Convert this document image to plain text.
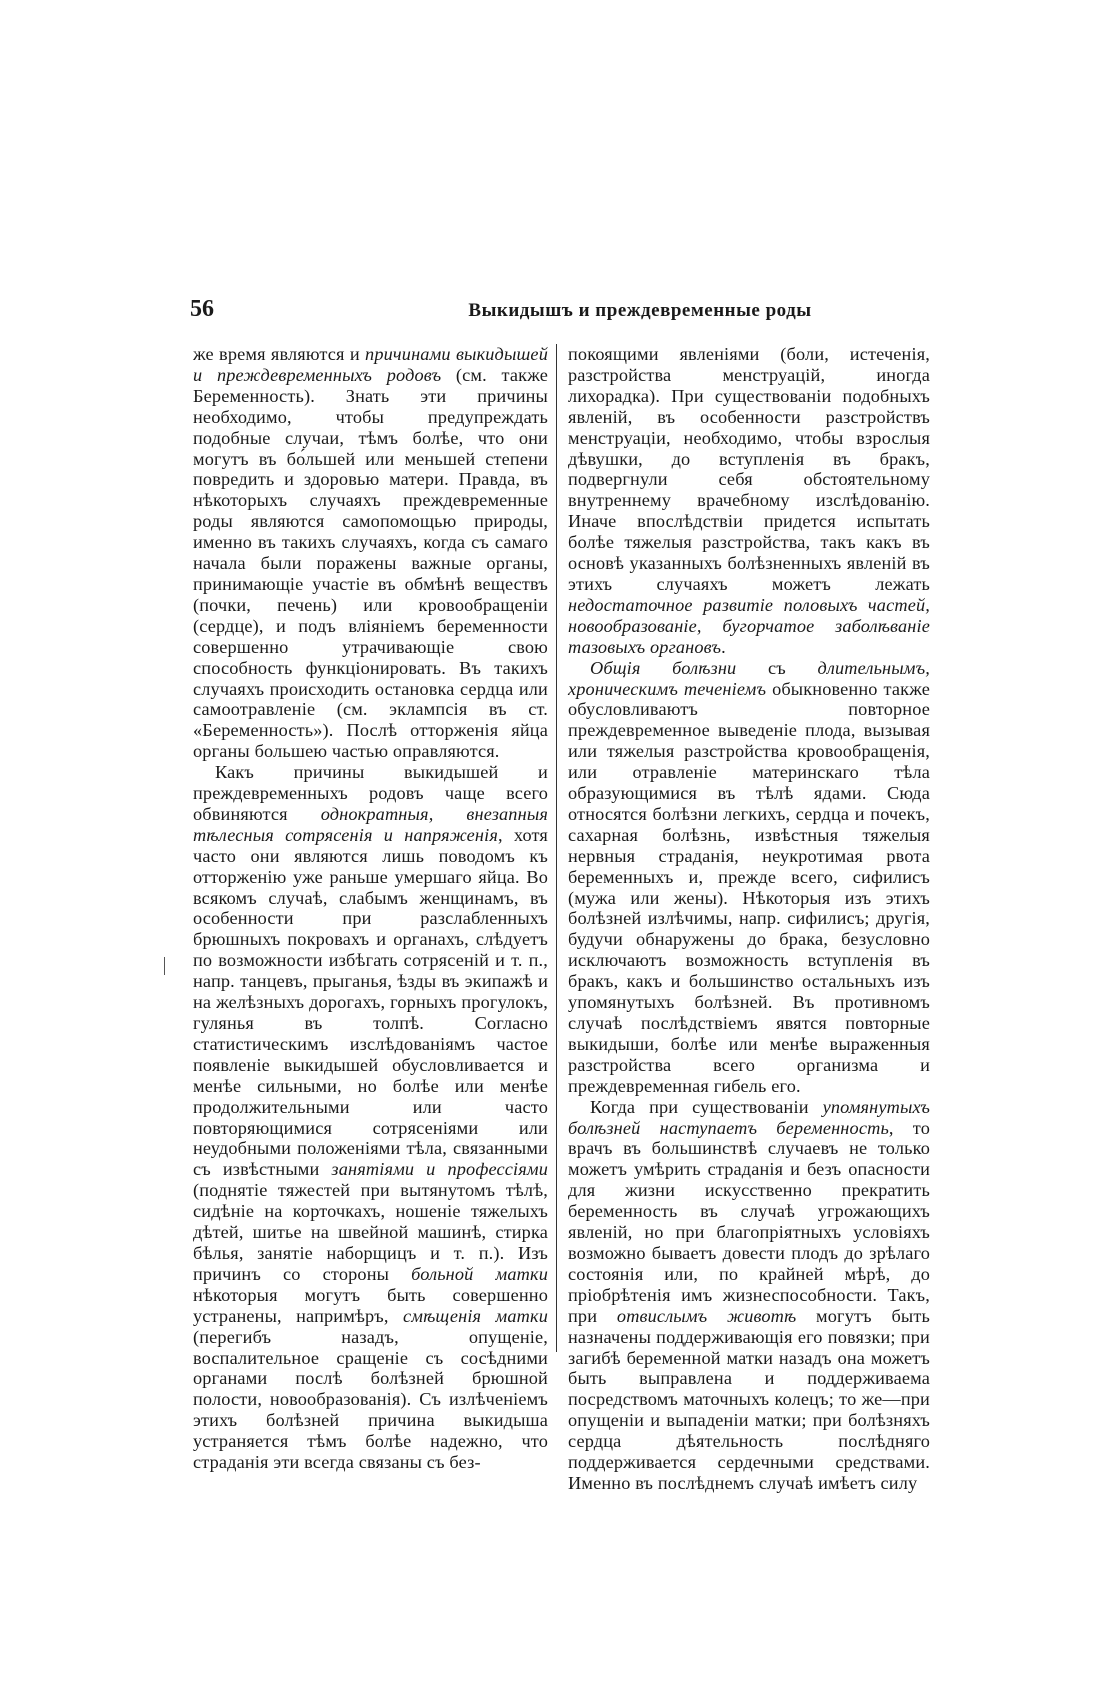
56	Выкидышъ и преждевременные роды

же время являются и причинами выкидышей и преждевременныхъ родовъ (см. также Беременность). Знать эти причины необходимо, чтобы предупреждать подобные случаи, тѣмъ болѣе, что они могутъ въ бо́льшей или меньшей степени повредить и здоровью матери. Правда, въ нѣкоторыхъ случаяхъ преждевременные роды являются самопомощью природы, именно въ такихъ случаяхъ, когда съ самаго начала были поражены важные органы, принимающіе участіе въ обмѣнѣ веществъ (почки, печень) или кровообращеніи (сердце), и подъ вліяніемъ беременности совершенно утрачивающіе свою способность функціонировать. Въ такихъ случаяхъ происходить остановка сердца или самоотравленіе (см. эклампсія въ ст. «Беременность»). Послѣ отторженія яйца органы большею частью оправляются.

Какъ причины выкидышей и преждевременныхъ родовъ чаще всего обвиняются однократныя, внезапныя тѣлесныя сотрясенія и напряженія, хотя часто они являются лишь поводомъ къ отторженію уже раньше умершаго яйца. Во всякомъ случаѣ, слабымъ женщинамъ, въ особенности при разслабленныхъ брюшныхъ покровахъ и органахъ, слѣдуетъ по возможности избѣгать сотрясеній и т. п., напр. танцевъ, прыганья, ѣзды въ экипажѣ и на желѣзныхъ дорогахъ, горныхъ прогулокъ, гулянья въ толпѣ. Согласно статистическимъ изслѣдованіямъ частое появленіе выкидышей обусловливается и менѣе сильными, но болѣе или менѣе продолжительными или часто повторяющимися сотрясеніями или неудобными положеніями тѣла, связанными съ извѣстными занятіями и профессіями (поднятіе тяжестей при вытянутомъ тѣлѣ, сидѣніе на корточкахъ, ношеніе тяжелыхъ дѣтей, шитье на швейной машинѣ, стирка бѣлья, занятіе наборщицъ и т. п.). Изъ причинъ со стороны больной матки нѣкоторыя могутъ быть совершенно устранены, напримѣръ, смѣщенія матки (перегибъ назадъ, опущеніе, воспалительное сращеніе съ сосѣдними органами послѣ болѣзней брюшной полости, новообразованія). Съ излѣченіемъ этихъ болѣзней причина выкидыша устраняется тѣмъ болѣе надежно, что страданія эти всегда связаны съ без-

покоящими явленіями (боли, истеченія, разстройства менструацій, иногда лихорадка). При существованіи подобныхъ явленій, въ особенности разстройствъ менструаціи, необходимо, чтобы взрослыя дѣвушки, до вступленія въ бракъ, подвергнули себя обстоятельному внутреннему врачебному изслѣдованію. Иначе впослѣдствіи придется испытать болѣе тяжелыя разстройства, такъ какъ въ основѣ указанныхъ болѣзненныхъ явленій въ этихъ случаяхъ можетъ лежать недостаточное развитіе половыхъ частей, новообразованіе, бугорчатое заболѣваніе тазовыхъ органовъ.

Общія болѣзни съ длительнымъ, хроническимъ теченіемъ обыкновенно также обусловливаютъ повторное преждевременное выведеніе плода, вызывая или тяжелыя разстройства кровообращенія, или отравленіе материнскаго тѣла образующимися въ тѣлѣ ядами. Сюда относятся болѣзни легкихъ, сердца и почекъ, сахарная болѣзнь, извѣстныя тяжелыя нервныя страданія, неукротимая рвота беременныхъ и, прежде всего, сифилисъ (мужа или жены). Нѣкоторыя изъ этихъ болѣзней излѣчимы, напр. сифилисъ; другія, будучи обнаружены до брака, безусловно исключаютъ возможность вступленія въ бракъ, какъ и большинство остальныхъ изъ упомянутыхъ болѣзней. Въ противномъ случаѣ послѣдствіемъ явятся повторные выкидыши, болѣе или менѣе выраженныя разстройства всего организма и преждевременная гибель его.

Когда при существованіи упомянутыхъ болѣзней наступаетъ беременность, то врачъ въ большинствѣ случаевъ не только можетъ умѣрить страданія и безъ опасности для жизни искусственно прекратить беременность въ случаѣ угрожающихъ явленій, но при благопріятныхъ условіяхъ возможно бываетъ довести плодъ до зрѣлаго состоянія или, по крайней мѣрѣ, до пріобрѣтенія имъ жизнеспособности. Такъ, при отвислымъ животѣ могутъ быть назначены поддерживающія его повязки; при загибѣ беременной матки назадъ она можетъ быть выправлена и поддерживаема посредствомъ маточныхъ колецъ; то же—при опущеніи и выпаденіи матки; при болѣзняхъ сердца дѣятельность послѣдняго поддерживается сердечными средствами. Именно въ послѣднемъ случаѣ имѣетъ силу
